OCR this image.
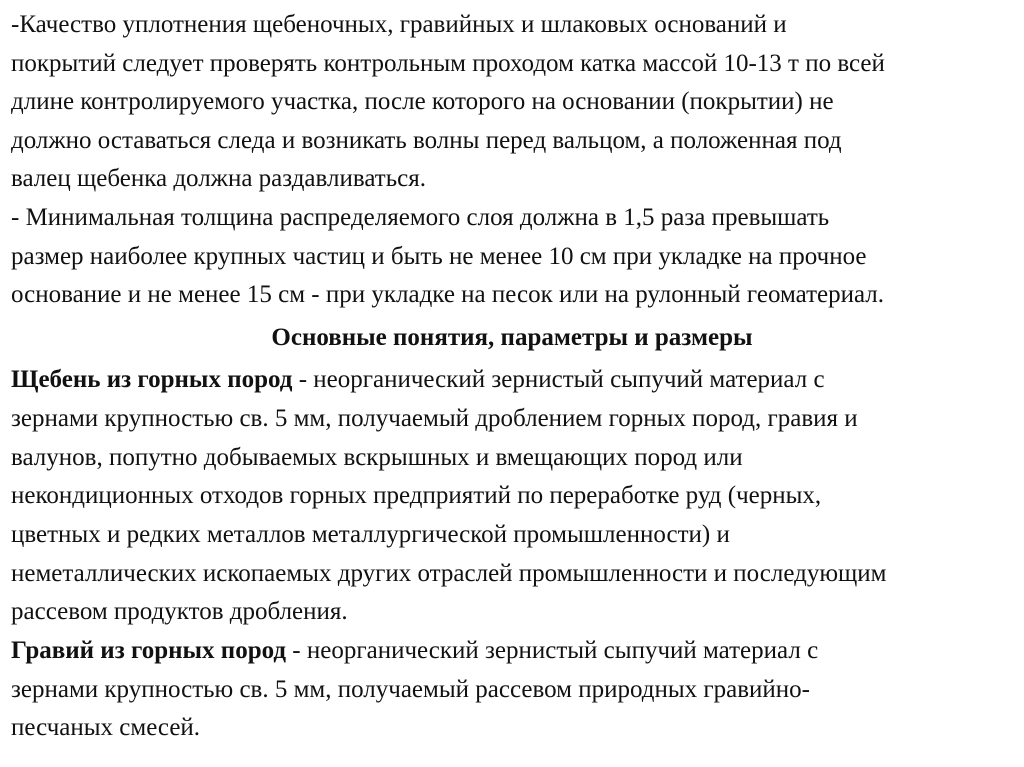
-Качество уплотнения щебеночных, гравийных и шлаковых оснований и
покрытий следует проверять контрольным проходом катка массой 10-13 т по всей
длине контролируемого участка, после которого на основании (покрытии) не
должно оставаться следа и возникать волны перед вальцом, а положенная под
валец щебенка должна раздавливаться.
- Минимальная толщина распределяемого слоя должна в 1,5 раза превышать
размер наиболее крупных частиц и быть не менее 10 см при укладке на прочное
основание и не менее 15 см - при укладке на песок или на рулонный геоматериал.
Основные понятия, параметры и размеры
Щебень из горных пород - неорганический зернистый сыпучий материал с
зернами крупностью св. 5 мм, получаемый дроблением горных пород, гравия и
валунов, попутно добываемых вскрышных и вмещающих пород или
некондиционных отходов горных предприятий по переработке руд (черных,
цветных и редких металлов металлургической промышленности) и
неметаллических ископаемых других отраслей промышленности и последующим
рассевом продуктов дробления.
Гравий из горных пород - неорганический зернистый сыпучий материал с
зернами крупностью св. 5 мм, получаемый рассевом природных гравийно-
песчаных смесей.
